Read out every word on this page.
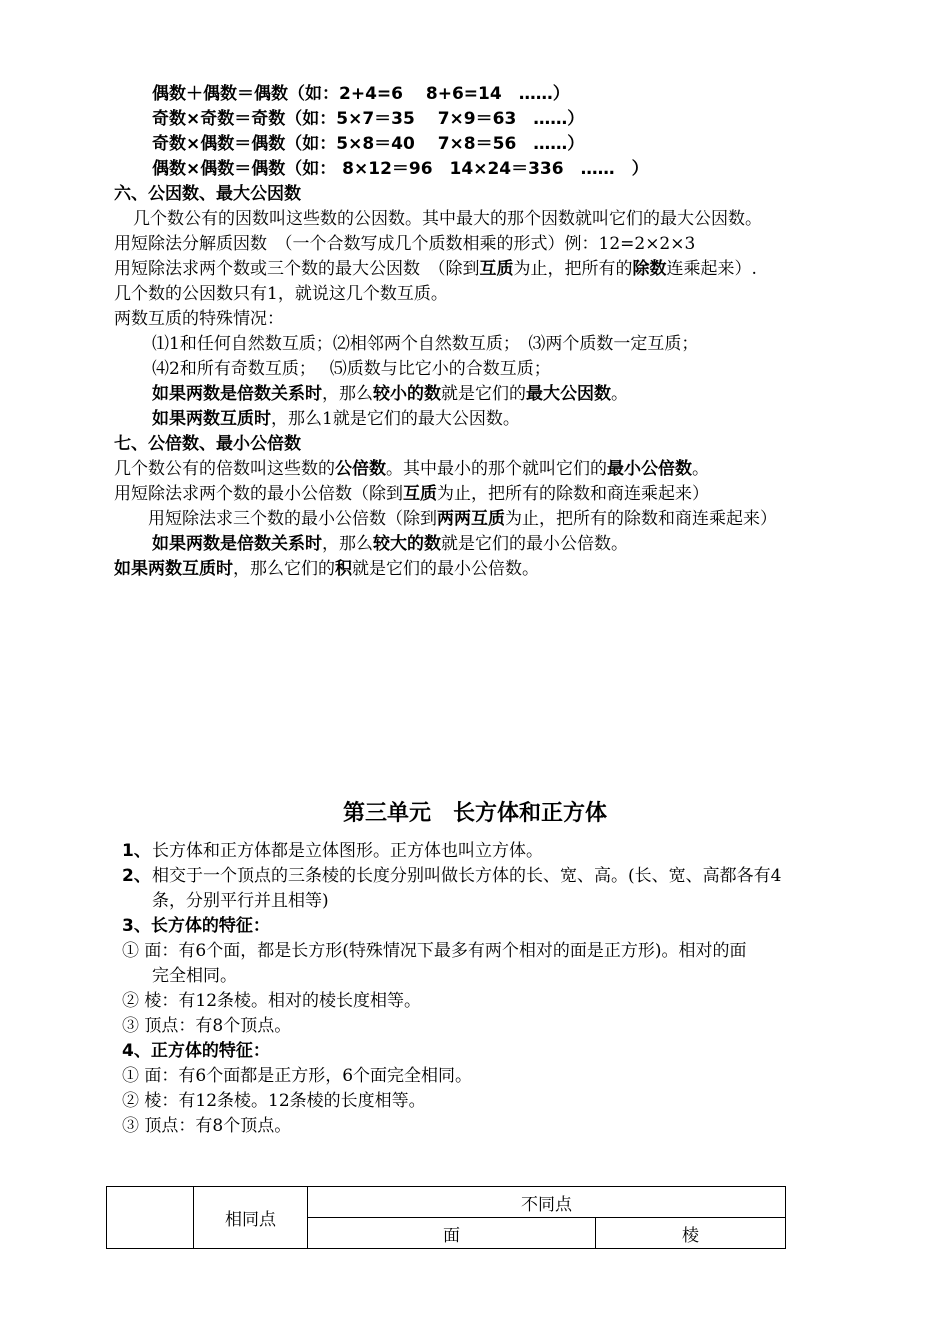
偶数＋偶数＝偶数（如：2+4=6　 8+6=14　……）
奇数×奇数＝奇数（如：5×7＝35　 7×9＝63　……）
奇数×偶数＝偶数（如：5×8＝40　 7×8＝56　……）
偶数×偶数＝偶数（如： 8×12＝96　14×24＝336　……　）
六、公因数、最大公因数
几个数公有的因数叫这些数的公因数。其中最大的那个因数就叫它们的最大公因数。
用短除法分解质因数　（一个合数写成几个质数相乘的形式）例：12=2×2×3
用短除法求两个数或三个数的最大公因数　（除到互质为止，把所有的除数连乘起来）.
几个数的公因数只有1，就说这几个数互质。
两数互质的特殊情况：
⑴1和任何自然数互质；⑵相邻两个自然数互质；　⑶两个质数一定互质；
⑷2和所有奇数互质；　 ⑸质数与比它小的合数互质；
如果两数是倍数关系时，那么较小的数就是它们的最大公因数。
如果两数互质时，那么1就是它们的最大公因数。
七、公倍数、最小公倍数
几个数公有的倍数叫这些数的公倍数。其中最小的那个就叫它们的最小公倍数。
用短除法求两个数的最小公倍数（除到互质为止，把所有的除数和商连乘起来）
用短除法求三个数的最小公倍数（除到两两互质为止，把所有的除数和商连乘起来）
如果两数是倍数关系时，那么较大的数就是它们的最小公倍数。
如果两数互质时，那么它们的积就是它们的最小公倍数。
第三单元　长方体和正方体
1、 长方体和正方体都是立体图形。正方体也叫立方体。
2、 相交于一个顶点的三条棱的长度分别叫做长方体的长、宽、高。(长、宽、高都各有4
条，分别平行并且相等)
3、长方体的特征：
① 面：有6个面，都是长方形(特殊情况下最多有两个相对的面是正方形)。相对的面
完全相同。
② 棱：有12条棱。相对的棱长度相等。
③ 顶点：有8个顶点。
4、正方体的特征：
① 面：有6个面都是正方形，6个面完全相同。
② 棱：有12条棱。12条棱的长度相等。
③ 顶点：有8个顶点。
	相同点	不同点	
		面	棱
